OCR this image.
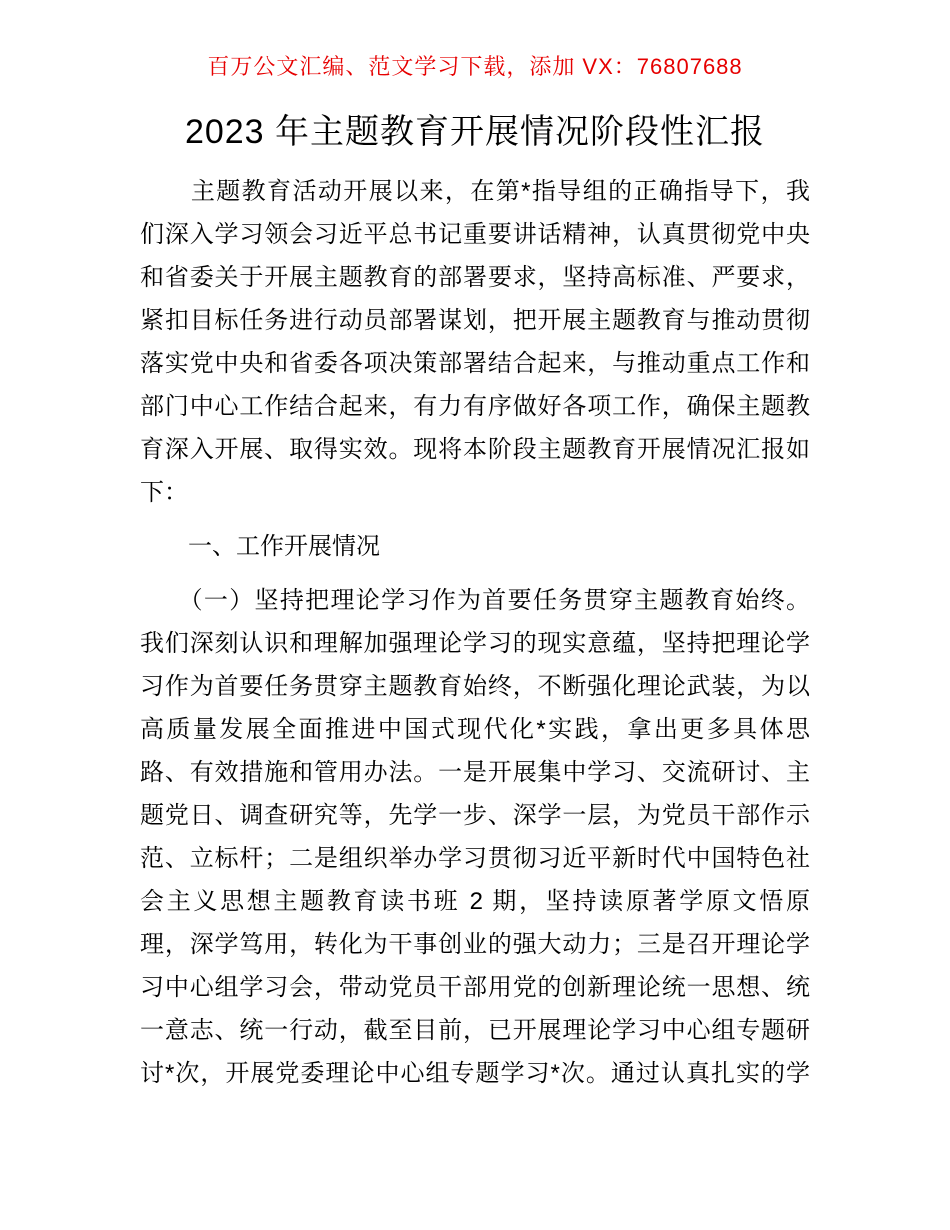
百万公文汇编、范文学习下载，添加 VX：76807688
2023 年主题教育开展情况阶段性汇报
　　主题教育活动开展以来，在第*指导组的正确指导下，我
们深入学习领会习近平总书记重要讲话精神，认真贯彻党中央
和省委关于开展主题教育的部署要求，坚持高标准、严要求，
紧扣目标任务进行动员部署谋划，把开展主题教育与推动贯彻
落实党中央和省委各项决策部署结合起来，与推动重点工作和
部门中心工作结合起来，有力有序做好各项工作，确保主题教
育深入开展、取得实效。现将本阶段主题教育开展情况汇报如
下：
　　一、工作开展情况
　　（一）坚持把理论学习作为首要任务贯穿主题教育始终。
我们深刻认识和理解加强理论学习的现实意蕴，坚持把理论学
习作为首要任务贯穿主题教育始终，不断强化理论武装，为以
高质量发展全面推进中国式现代化*实践，拿出更多具体思
路、有效措施和管用办法。一是开展集中学习、交流研讨、主
题党日、调查研究等，先学一步、深学一层，为党员干部作示
范、立标杆；二是组织举办学习贯彻习近平新时代中国特色社
会主义思想主题教育读书班 2 期，坚持读原著学原文悟原
理，深学笃用，转化为干事创业的强大动力；三是召开理论学
习中心组学习会，带动党员干部用党的创新理论统一思想、统
一意志、统一行动，截至目前，已开展理论学习中心组专题研
讨*次，开展党委理论中心组专题学习*次。通过认真扎实的学
